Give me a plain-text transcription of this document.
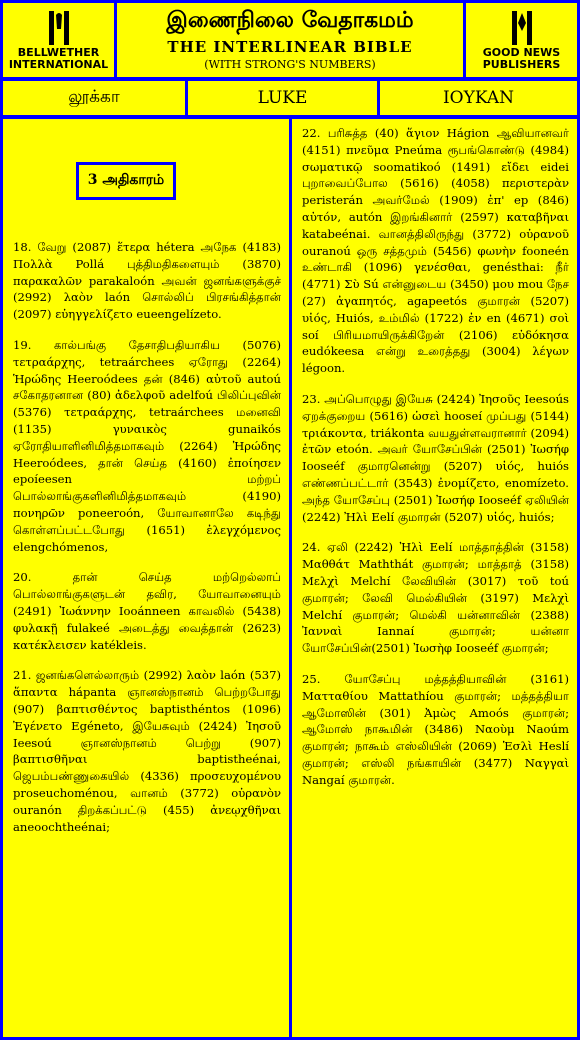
BELLWETHER
INTERNATIONAL
இணைநிலை வேதாகமம்
THE INTERLINEAR BIBLE
(WITH STRONG'S NUMBERS)
GOOD NEWS
PUBLISHERS
லூக்கா	LUKE	IOYKAN

18. வேறு (2087) ἕτερα hétera அநேக (4183) Πολλὰ Pollá புத்திமதிகளையும் (3870) παρακαλῶν parakaloón அவன் ஜனங்களுக்குச் (2992) λαὸν laón சொல்லிப் பிரசங்கித்தான் (2097) εὐηγγελίζετο eueengelízeto.

19. கால்பங்கு தேசாதிபதியாகிய (5076) τετραάρχης, tetraárchees ஏரோது (2264) Ἡρώδης Heeroódees தன் (846) αὐτοῦ autoú சகோதரனான (80) ἀδελφοῦ adelfoú பிலிப்புவின் (5376) τετραάρχης, tetraárchees மனைவி (1135) γυναικὸς gunaikós ஏரோதியாளினிமித்தமாகவும் (2264) Ἡρώδης Heeroódees, தான் செய்த (4160) ἐποίησεν epoíeesen மற்றப் பொல்லாங்குகளினிமித்தமாகவும் (4190) πονηρῶν poneeroón, யோவானாலே கடிந்து கொள்ளப்பட்டபோது (1651) ἐλεγχόμενος elengchómenos,

20. தான் செய்த மற்றெல்லாப் பொல்லாங்குகளுடன் தவிர, யோவானையும் (2491) Ἰωάννην Iooánneen காவலில் (5438) φυλακῇ fulakeé அடைத்து வைத்தான் (2623) κατέκλεισεν katékleis.

21. ஜனங்களெல்லாரும் (2992) λαὸν laón (537) ἅπαντα hápanta ஞானஸ்நானம் பெற்றபோது (907) βαπτισθέντος baptisthéntos (1096) Ἐγένετο Egéneto, இயேசுவும் (2424) Ἰησοῦ Ieesoú ஞானஸ்நானம் பெற்று (907) βαπτισθῆναι baptistheénai, ஜெபம்பண்ணுகையில் (4336) προσευχομένου proseuchoménou, வானம் (3772) οὐρανὸν ouranón திறக்கப்பட்டு (455) ἀνεῳχθῆναι aneoochtheénai;

3 அதிகாரம்

22. பரிசுத்த (40) ἅγιον Hágion ஆவியானவர் (4151) πνεῦμα Pneúma ரூபங்கொண்டு (4984) σωματικῷ soomatikoó (1491) εἴδει eidei புறாவைப்போல (5616) (4058) περιστερὰν peristerán அவர்மேல் (1909) ἐπ' ep (846) αὐτόν, autón இறங்கினார் (2597) καταβῆναι katabeénai. வானத்திலிருந்து (3772) οὐρανοῦ ouranoú ஒரு சத்தமும் (5456) φωνὴν fooneén உண்டாகி (1096) γενέσθαι, genésthai: நீர் (4771) Σὺ Sú என்னுடைய (3450) μου mou நேச (27) ἀγαπητός, agapeetós குமாரன் (5207) υἱός, Huiós, உம்மில் (1722) ἐν en (4671) σοὶ soí பிரியமாயிருக்கிறேன் (2106) εὐδόκησα eudókeesa என்று உரைத்தது (3004) λέγων légoon.

23. அப்பொழுது இயேசு (2424) Ἰησοῦς Ieesoús ஏறக்குறைய (5616) ὡσεὶ hooseí முப்பது (5144) τριάκοντα, triákonta வயதுள்ளவரானார் (2094) ἐτῶν etoón. அவர் யோசேப்பின் (2501) Ἰωσήφ Iooseéf குமாரனென்று (5207) υἱός, huiós எண்ணப்பட்டார் (3543) ἐνομίζετο, enomízeto. அந்த யோசேப்பு (2501) Ἰωσήφ Iooseéf ஏலியின் (2242) Ἠλὶ Eelí குமாரன் (5207) υἱός, huiós;

24. ஏலி (2242) Ἠλὶ Eelí மாத்தாத்தின் (3158) Μαθθάτ Maththát குமாரன்; மாத்தாத் (3158) Μελχὶ Melchí லேவியின் (3017) τοῦ toú குமாரன்; லேவி மெல்கியின் (3197) Μελχὶ Melchí குமாரன்; மெல்கி யன்னாவின் (2388) Ἰανναὶ Iannaí குமாரன்; யன்னா யோசேப்பின்(2501) Ἰωσὴφ Iooseéf குமாரன்;

25. யோசேப்பு மத்தத்தியாவின் (3161) Ματταθίου Mattathíou குமாரன்; மத்தத்தியா ஆமோஸின் (301) Ἀμὼς Amoós குமாரன்; ஆமோஸ் நாகூமின் (3486) Ναοὺμ Naoúm குமாரன்; நாகூம் எஸ்லியின் (2069) Ἑσλὶ Heslí குமாரன்; எஸ்லி நங்காயின் (3477) Ναγγαὶ Nangaí குமாரன்.
